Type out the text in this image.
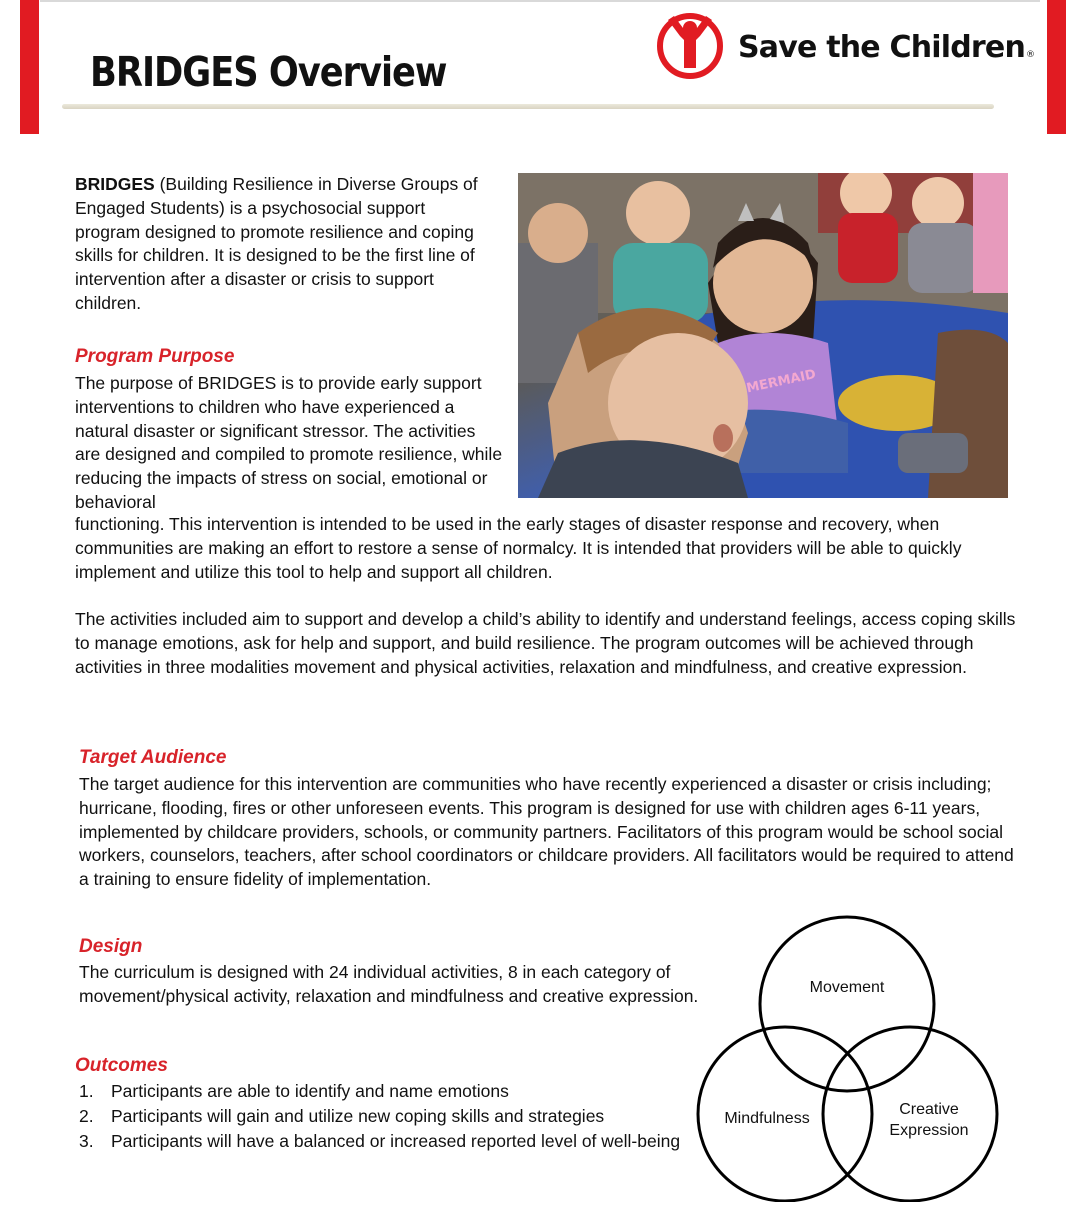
BRIDGES Overview
Save the Children®

BRIDGES (Building Resilience in Diverse Groups of Engaged Students) is a psychosocial support program designed to promote resilience and coping skills for children. It is designed to be the first line of intervention after a disaster or crisis to support children.

MERMAID
Program Purpose

The purpose of BRIDGES is to provide early support interventions to children who have experienced a natural disaster or significant stressor. The activities are designed and compiled to promote resilience, while reducing the impacts of stress on social, emotional or behavioral

functioning. This intervention is intended to be used in the early stages of disaster response and recovery, when communities are making an effort to restore a sense of normalcy. It is intended that providers will be able to quickly implement and utilize this tool to help and support all children.

The activities included aim to support and develop a child’s ability to identify and understand feelings, access coping skills to manage emotions, ask for help and support, and build resilience. The program outcomes will be achieved through activities in three modalities movement and physical activities, relaxation and mindfulness, and creative expression.

Target Audience

The target audience for this intervention are communities who have recently experienced a disaster or crisis including; hurricane, flooding, fires or other unforeseen events. This program is designed for use with children ages 6-11 years, implemented by childcare providers, schools, or community partners. Facilitators of this program would be school social workers, counselors, teachers, after school coordinators or childcare providers. All facilitators would be required to attend a training to ensure fidelity of implementation.

Design

The curriculum is designed with 24 individual activities, 8 in each category of movement/physical activity, relaxation and mindfulness and creative expression.

Outcomes
1. Participants are able to identify and name emotions
2. Participants will gain and utilize new coping skills and strategies
3. Participants will have a balanced or increased reported level of well-being
Movement
Mindfulness
Creative Expression
